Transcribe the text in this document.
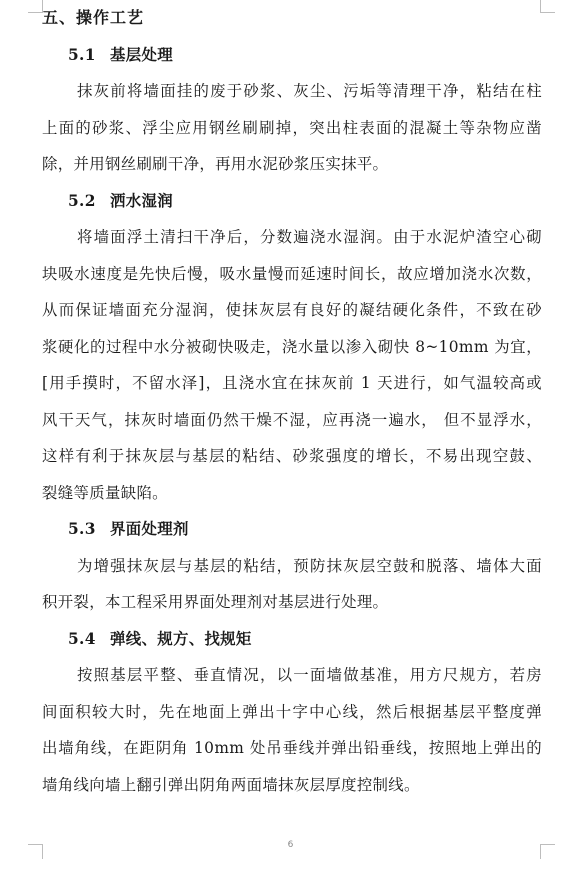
五、操作工艺
5.1 基层处理
抹灰前将墙面挂的废于砂浆、灰尘、污垢等清理干净，粘结在柱
上面的砂浆、浮尘应用钢丝刷刷掉，突出柱表面的混凝土等杂物应凿
除，并用钢丝刷刷干净，再用水泥砂浆压实抹平。
5.2 洒水湿润
将墙面浮土清扫干净后，分数遍浇水湿润。由于水泥炉渣空心砌
块吸水速度是先快后慢，吸水量慢而延速时间长，故应增加浇水次数，
从而保证墙面充分湿润，使抹灰层有良好的凝结硬化条件，不致在砂
浆硬化的过程中水分被砌快吸走，浇水量以渗入砌快 8~10mm 为宜，
[用手摸时，不留水泽]，且浇水宜在抹灰前 1 天进行，如气温较高或
风干天气，抹灰时墙面仍然干燥不湿，应再浇一遍水， 但不显浮水，
这样有利于抹灰层与基层的粘结、砂浆强度的增长，不易出现空鼓、
裂缝等质量缺陷。
5.3 界面处理剂
为增强抹灰层与基层的粘结，预防抹灰层空鼓和脱落、墙体大面
积开裂，本工程采用界面处理剂对基层进行处理。
5.4 弹线、规方、找规矩
按照基层平整、垂直情况，以一面墙做基准，用方尺规方，若房
间面积较大时，先在地面上弹出十字中心线，然后根据基层平整度弹
出墙角线，在距阴角 10mm 处吊垂线并弹出铅垂线，按照地上弹出的
墙角线向墙上翻引弹出阴角两面墙抹灰层厚度控制线。
6
